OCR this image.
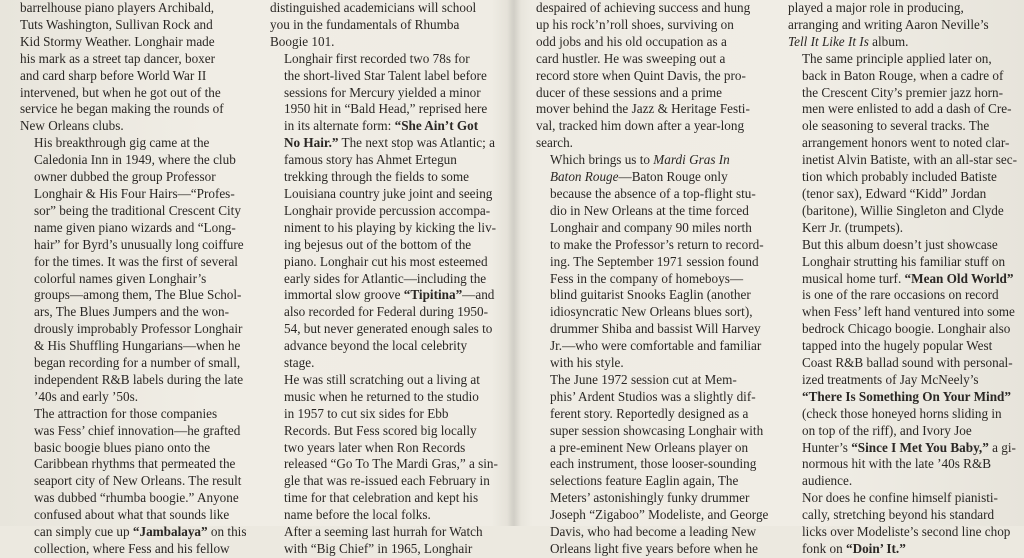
barrelhouse piano players Archibald,
Tuts Washington, Sullivan Rock and
Kid Stormy Weather. Longhair made
his mark as a street tap dancer, boxer
and card sharp before World War II
intervened, but when he got out of the
service he began making the rounds of
New Orleans clubs.

His breakthrough gig came at the
Caledonia Inn in 1949, where the club
owner dubbed the group Professor
Longhair & His Four Hairs—“Profes-
sor” being the traditional Crescent City
name given piano wizards and “Long-
hair” for Byrd’s unusually long coiffure
for the times. It was the first of several
colorful names given Longhair’s
groups—among them, The Blue Schol-
ars, The Blues Jumpers and the won-
drously improbably Professor Longhair
& His Shuffling Hungarians—when he
began recording for a number of small,
independent R&B labels during the late
’40s and early ’50s.

The attraction for those companies
was Fess’ chief innovation—he grafted
basic boogie blues piano onto the
Caribbean rhythms that permeated the
seaport city of New Orleans. The result
was dubbed “rhumba boogie.” Anyone
confused about what that sounds like
can simply cue up “Jambalaya” on this
collection, where Fess and his fellow

distinguished academicians will school
you in the fundamentals of Rhumba
Boogie 101.

Longhair first recorded two 78s for
the short-lived Star Talent label before
sessions for Mercury yielded a minor
1950 hit in “Bald Head,” reprised here
in its alternate form: “She Ain’t Got
No Hair.” The next stop was Atlantic; a
famous story has Ahmet Ertegun
trekking through the fields to some
Louisiana country juke joint and seeing
Longhair provide percussion accompa-
niment to his playing by kicking the liv-
ing bejesus out of the bottom of the
piano. Longhair cut his most esteemed
early sides for Atlantic—including the
immortal slow groove “Tipitina”—and
also recorded for Federal during 1950-
54, but never generated enough sales to
advance beyond the local celebrity
stage.

He was still scratching out a living at
music when he returned to the studio
in 1957 to cut six sides for Ebb
Records. But Fess scored big locally
two years later when Ron Records
released “Go To The Mardi Gras,” a sin-
gle that was re-issued each February in
time for that celebration and kept his
name before the local folks.

After a seeming last hurrah for Watch
with “Big Chief” in 1965, Longhair

despaired of achieving success and hung
up his rock’n’roll shoes, surviving on
odd jobs and his old occupation as a
card hustler. He was sweeping out a
record store when Quint Davis, the pro-
ducer of these sessions and a prime
mover behind the Jazz & Heritage Festi-
val, tracked him down after a year-long
search.

Which brings us to Mardi Gras In
Baton Rouge—Baton Rouge only
because the absence of a top-flight stu-
dio in New Orleans at the time forced
Longhair and company 90 miles north
to make the Professor’s return to record-
ing. The September 1971 session found
Fess in the company of homeboys—
blind guitarist Snooks Eaglin (another
idiosyncratic New Orleans blues sort),
drummer Shiba and bassist Will Harvey
Jr.—who were comfortable and familiar
with his style.

The June 1972 session cut at Mem-
phis’ Ardent Studios was a slightly dif-
ferent story. Reportedly designed as a
super session showcasing Longhair with
a pre-eminent New Orleans player on
each instrument, those looser-sounding
selections feature Eaglin again, The
Meters’ astonishingly funky drummer
Joseph “Zigaboo” Modeliste, and George
Davis, who had become a leading New
Orleans light five years before when he

played a major role in producing,
arranging and writing Aaron Neville’s
Tell It Like It Is album.

The same principle applied later on,
back in Baton Rouge, when a cadre of
the Crescent City’s premier jazz horn-
men were enlisted to add a dash of Cre-
ole seasoning to several tracks. The
arrangement honors went to noted clar-
inetist Alvin Batiste, with an all-star sec-
tion which probably included Batiste
(tenor sax), Edward “Kidd” Jordan
(baritone), Willie Singleton and Clyde
Kerr Jr. (trumpets).

But this album doesn’t just showcase
Longhair strutting his familiar stuff on
musical home turf. “Mean Old World”
is one of the rare occasions on record
when Fess’ left hand ventured into some
bedrock Chicago boogie. Longhair also
tapped into the hugely popular West
Coast R&B ballad sound with personal-
ized treatments of Jay McNeely’s
“There Is Something On Your Mind”
(check those honeyed horns sliding in
on top of the riff), and Ivory Joe
Hunter’s “Since I Met You Baby,” a gi-
normous hit with the late ’40s R&B
audience.

Nor does he confine himself pianisti-
cally, stretching beyond his standard
licks over Modeliste’s second line chop
fonk on “Doin’ It.”
